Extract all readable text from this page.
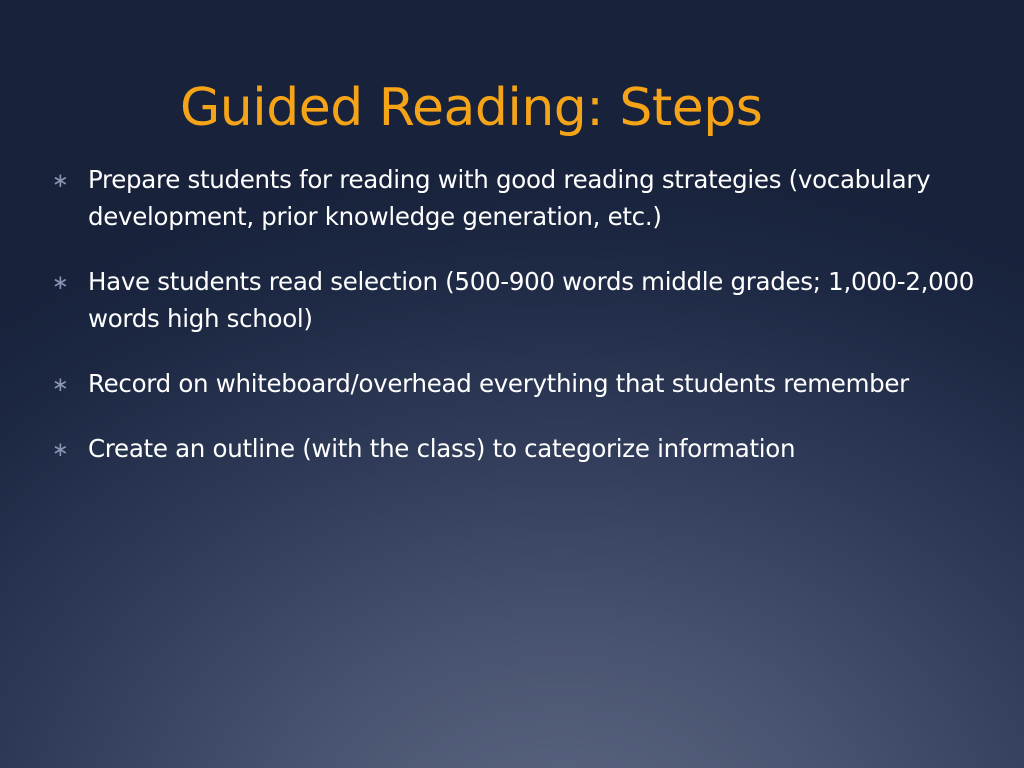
Guided Reading: Steps
∗ Prepare students for reading with good reading strategies (vocabulary development, prior knowledge generation, etc.)
∗ Have students read selection (500-900 words middle grades; 1,000-2,000 words high school)
∗ Record on whiteboard/overhead everything that students remember
∗ Create an outline (with the class) to categorize information
